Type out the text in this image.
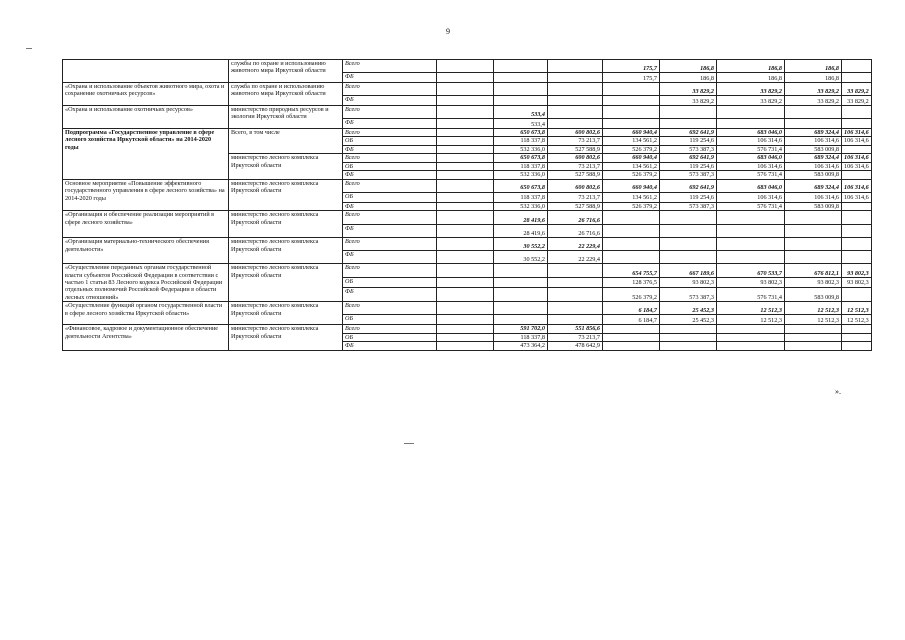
9
	службы по охране и использованию животного мира Иркутской области	Всего				175,7	186,8	186,8	186,8	
		ФБ				175,7	186,8	186,8	186,8	
«Охрана и использование объектов животного мира, охота и сохранение охотничьих ресурсов»	служба по охране и использованию животного мира Иркутской области	Всего					33 829,2	33 829,2	33 829,2	33 829,2
		ФБ					33 829,2	33 829,2	33 829,2	33 829,2
«Охрана и использование охотничьих ресурсов»	министерство природных ресурсов и экологии Иркутской области	Всего		533,4						
		ФБ		533,4						
Подпрограмма «Государственное управление в сфере лесного хозяйства Иркутской области» на 2014-2020 годы	Всего, в том числе	Всего		650 673,8	600 802,6	660 940,4	692 641,9	683 046,0	689 324,4	106 314,6
		ОБ		118 337,8	73 213,7	134 561,2	119 254,6	106 314,6	106 314,6	106 314,6
		ФБ		532 336,0	527 588,9	526 379,2	573 387,3	576 731,4	583 009,8	
	министерство лесного комплекса Иркутской области	Всего		650 673,8	600 802,6	660 940,4	692 641,9	683 046,0	689 324,4	106 314,6
		ОБ		118 337,8	73 213,7	134 561,2	119 254,6	106 314,6	106 314,6	106 314,6
		ФБ		532 336,0	527 588,9	526 379,2	573 387,3	576 731,4	583 009,8	
Основное мероприятие «Повышение эффективного государственного управления в сфере лесного хозяйства» на 2014-2020 годы	министерство лесного комплекса Иркутской области	Всего		650 673,8	600 802,6	660 940,4	692 641,9	683 046,0	689 324,4	106 314,6
		ОБ		118 337,8	73 213,7	134 561,2	119 254,6	106 314,6	106 314,6	106 314,6
		ФБ		532 336,0	527 588,9	526 379,2	573 387,3	576 731,4	583 009,8	
«Организация и обеспечение реализации мероприятий в сфере лесного хозяйства»	министерство лесного комплекса Иркутской области	Всего		28 419,6	26 716,6					
		ФБ		28 419,6	26 716,6					
«Организация материально-технического обеспечения деятельности»	министерство лесного комплекса Иркутской области	Всего		30 552,2	22 229,4					
		ФБ		30 552,2	22 229,4					
«Осуществление переданных органам государственной власти субъектов Российской Федерации в соответствии с частью 1 статьи 83 Лесного кодекса Российской Федерации отдельных полномочий Российской Федерации в области лесных отношений»	министерство лесного комплекса Иркутской области	Всего				654 755,7	667 189,6	670 533,7	676 812,1	93 802,3
		ОБ				128 376,5	93 802,3	93 802,3	93 802,3	93 802,3
		ФБ				526 379,2	573 387,3	576 731,4	583 009,8	
«Осуществление функций органом государственной власти в сфере лесного хозяйства Иркутской области»	министерство лесного комплекса Иркутской области	Всего				6 184,7	25 452,3	12 512,3	12 512,3	12 512,3
		ОБ				6 184,7	25 452,3	12 512,3	12 512,3	12 512,3
«Финансовое, кадровое и документационное обеспечение деятельности Агентства»	министерство лесного комплекса Иркутской области	Всего		591 702,0	551 856,6					
		ОБ		118 337,8	73 213,7					
		ФБ		473 364,2	478 642,9					
».
